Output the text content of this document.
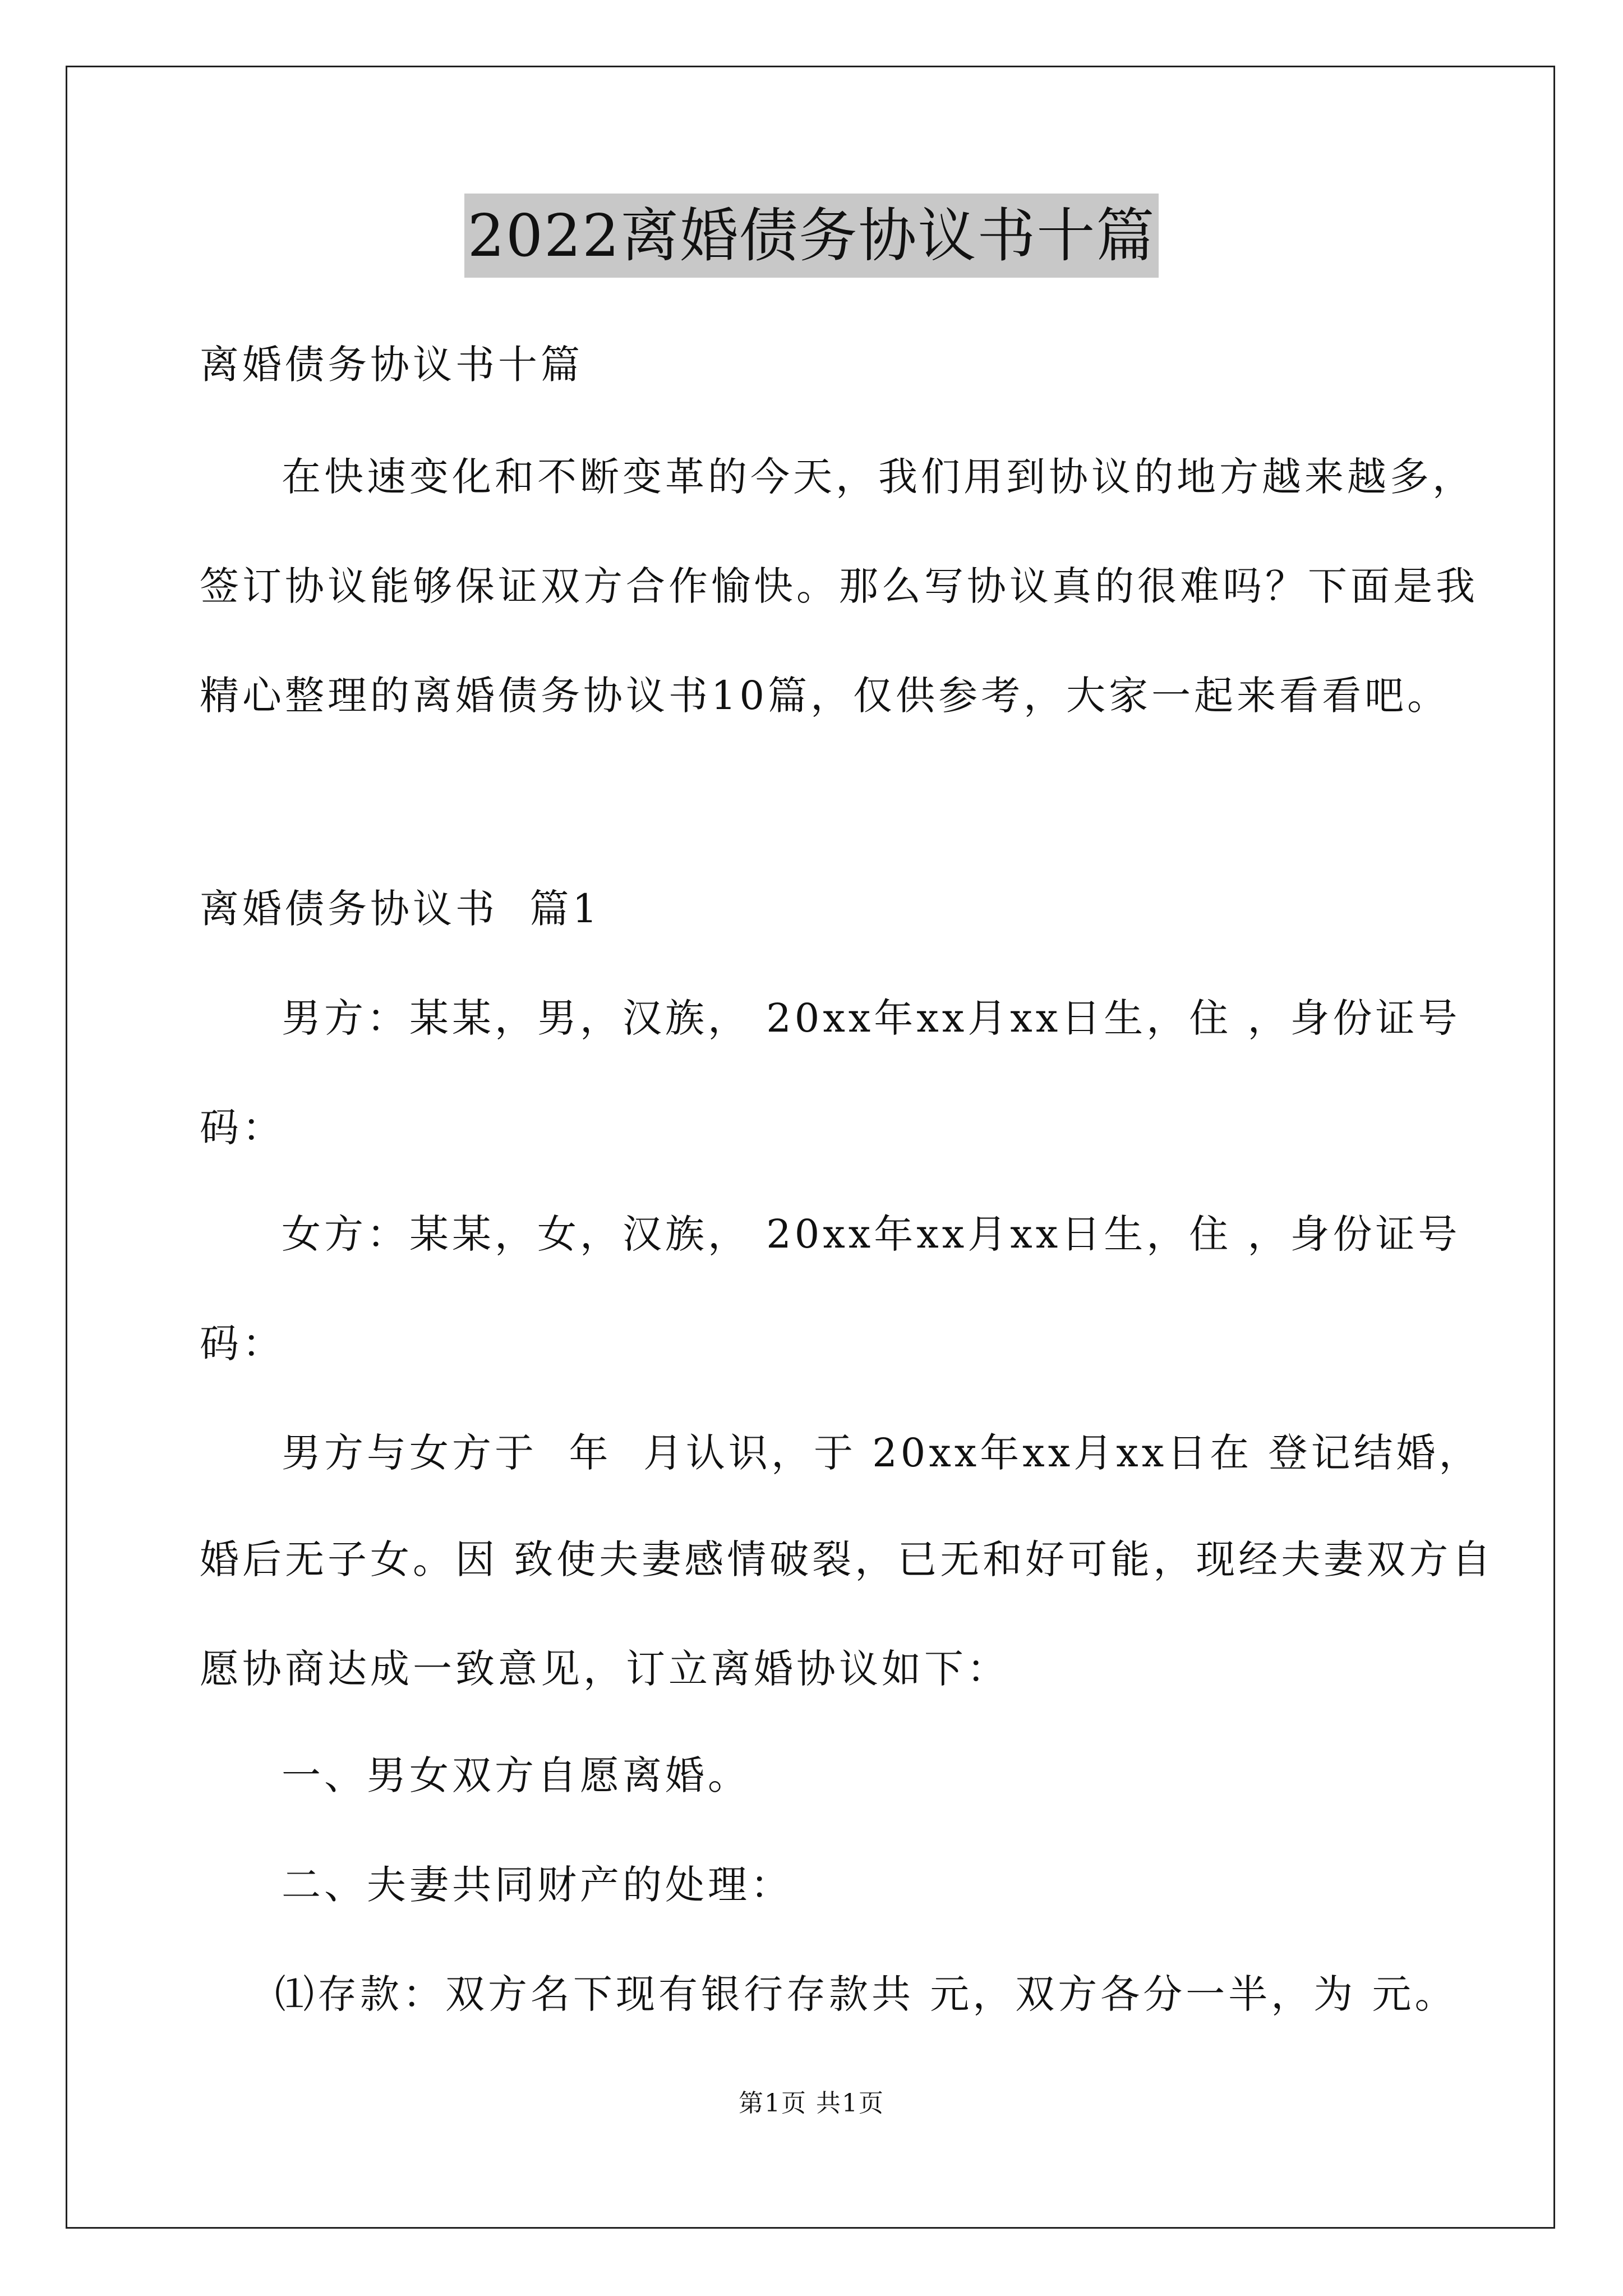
2022离婚债务协议书十篇
离婚债务协议书十篇
在快速变化和不断变革的今天，我们用到协议的地方越来越多，
签订协议能够保证双方合作愉快。那么写协议真的很难吗？下面是我
精心整理的离婚债务协议书10篇，仅供参考，大家一起来看看吧。
离婚债务协议书  篇1
男方：某某，男，汉族， 20xx年xx月xx日生，住 ，身份证号
码：
女方：某某，女，汉族， 20xx年xx月xx日生，住 ，身份证号
码：
男方与女方于  年  月认识，于 20xx年xx月xx日在 登记结婚，
婚后无子女。因 致使夫妻感情破裂，已无和好可能，现经夫妻双方自
愿协商达成一致意见，订立离婚协议如下：
一、男女双方自愿离婚。
二、夫妻共同财产的处理：
⑴存款：双方名下现有银行存款共 元，双方各分一半，为 元。
第1页 共1页
